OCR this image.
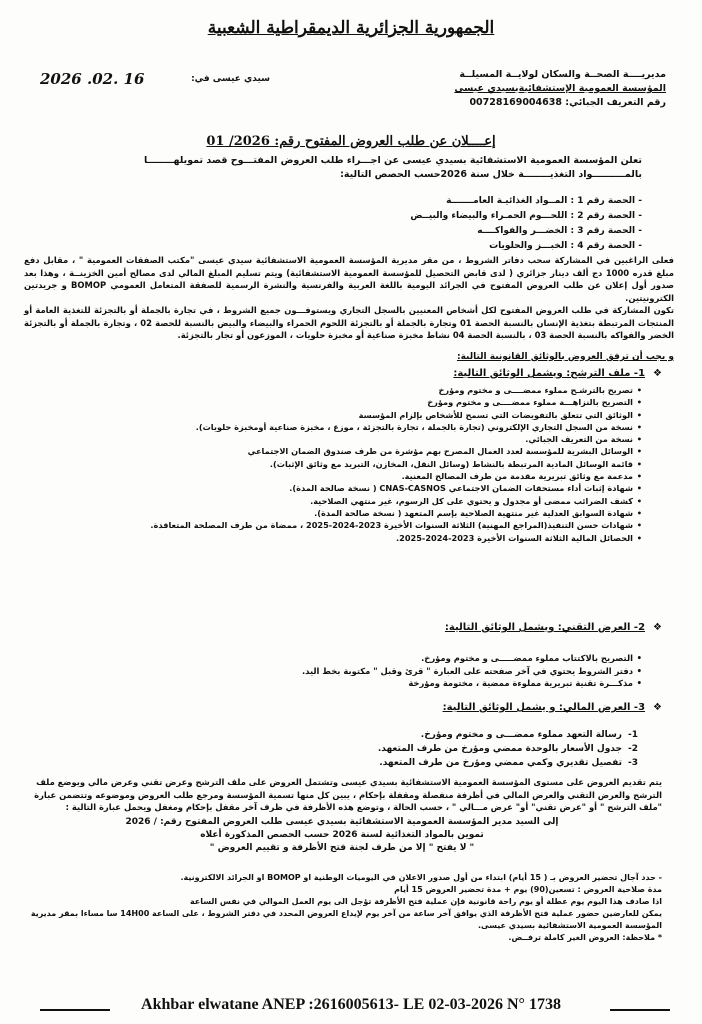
الجمهورية الجزائرية الديمقراطية الشعبية
مديريــــة الصحــة والسكان لولايــة المسيلــة
المؤسسة العمومية الإستشفائيةبسيدي عيسى
رقم التعريف الجبائي: 00728169004638
سيدي عيسى في:
2026 .02. 16
إعــــلان عن طلب العروض المفتوح رقم: 2026/ 01
تعلن المؤسسة العمومية الاستشفائية بسيدي عيسى عن اجـــراء طلب العروض المفتـــوح قصد تمويلهــــــــا
بالمــــــــــواد التغذيــــــــة خلال سنة 2026حسب الحصص التالية:
- الحصة رقم 1 : المــواد الغذائيـة العامـــــــة
- الحصة رقم 2 : اللحـــوم الحمـراء والبيضاء والبيــض
- الحصة رقم 3 : الخضـــر والفواكــــه
- الحصة رقم 4 : الخبـــز والحلويات
فعلى الراغبين في المشاركة سحب دفاتر الشروط ، من مقر مديرية المؤسسة العمومية الاستشفائية سيدي عيسى "مكتب الصفقات العمومية " ، مقابل دفع مبلغ قدره 1000 دج ألف دينار جزائري ( لدى قابض التحصيل للمؤسسة العمومية الاستشفائية) ويتم تسليم المبلغ المالي لدى مصالح أمين الخزينــة ، وهذا بعد صدور أول إعلان عن طلب العروض المفتوح في الجرائد اليومية باللغة العربية والفرنسية والنشرة الرسمية للصفقة المتعامل العمومي BOMOP و جريدتين الكترونيتين.
تكون المشاركة في طلب العروض المفتوح لكل أشخاص المعنيين بالسجل التجاري ويستوفـــون جميع الشروط ، في تجارة بالجملة أو بالتجزئة للتغذية العامة أو المنتجات المرتبطة بتغذية الإنسان بالنسبة الحصة 01 وتجارة بالجملة أو بالتجزئة اللحوم الحمراء والبيضاء والبيض بالنسبة للحصة 02 ، وتجارة بالجملة أو بالتجزئة الخضر والفواكه بالنسبة الحصة 03 ، بالنسبة الحصة 04 نشاط مخبزة صناعية أو مخبزة حلويات ، الموزعون أو تجار بالتجزئة.
و يجب أن ترفق العروض بالوثائق القانونية التالية:
❖1- ملف الترشح: ويشمل الوثائق التالية:
• تصريح بالترشـح مملوء ممضــــى و مختوم ومؤرخ
• التصريح بالنزاهـــة مملوء ممضــــى و مختوم ومؤرخ
• الوثائق التي تتعلق بالتفويضات التي تسمح للأشخاص بإلزام المؤسسة
• نسخة من السجل التجاري الإلكتروني (تجارة بالجملة ، تجارة بالتجزئة ، موزع ، مخبزة صناعية أومخبزة حلويات).
• نسخة من التعريف الجبائي.
• الوسائل البشرية للمؤسسة لعدد العمال المصرح بهم مؤشرة من طرف صندوق الضمان الاجتماعي
• قائمة الوسائل المادية المرتبطة بالنشاط (وسائل النقل، المخازن، التبريد مع وثائق الإثبات).
• مدعمة مع وثائق تبريرية مقدمة من طرف المصالح المعنية.
• شهادة إثبات أداء مستحقات الضمان الاجتماعي CNAS-CASNOS ( نسخة صالحة المدة).
• كشف الضرائب ممضى أو مجدول و يحتوي على كل الرسوم، غير منتهي الصلاحية.
• شهادة السوابق العدلية غير منتهية الصلاحية بإسم المتعهد ( نسخة صالحة المدة).
• شهادات حسن التنفيذ(المراجع المهنية) الثلاثة السنوات الأخيرة 2023-2024-2025 ، ممضاة من طرف المصلحة المتعاقدة.
• الحصائل المالية الثلاثة السنوات الأخيرة 2023-2024-2025.
❖2- العرض التقني: ويشمل الوثائق التالية:
• التصريح بالاكتتاب مملوء ممضـــــى و مختوم ومؤرخ.
• دفتر الشروط يحتوي في آخر صفحته على العبارة " قرئ وقبل " مكتوبة بخط اليد.
• مذكـــرة تقنية تبريرية مملوءة ممضية ، مختومة ومؤرخة
❖3- العرض المالي: و يشمل الوثائق التالية:
1-رسالة التعهد مملوء ممضـــى و مختوم ومؤرخ.
2-جدول الأسعار بالوحدة ممضي ومؤرخ من طرف المتعهد.
3-تفصيل تقديري وكمي ممضي ومؤرخ من طرف المتعهد.
يتم تقديم العروض على مستوى المؤسسة العمومية الاستشفائية بسيدي عيسى وتشتمل العروض على ملف الترشح وعرض تقني وعرض مالي ويوضع ملف الترشح والعرض التقني والعرض المالي في أظرفة منفصلة ومقفلة بإحكام ، يبين كل منها تسمية المؤسسة ومرجع طلب العروض وموضوعه وتتضمن عبارة "ملف الترشح " أو "عرض تقني" أو" عرض مـــالي " ، حسب الحالة ، وتوضع هذه الأظرفة في ظرف آخر مقفل بإحكام ومغفل ويحمل عبارة التالية :
إلى السيد مدير المؤسسة العمومية الاستشفائية بسيدي عيسى طلب العروض المفتوح رقم: / 2026
تموين بالمواد التغذائية لسنة 2026 حسب الحصص المذكورة أعلاه
" لا يفتح " إلا من طرف لجنة فتح الأظرفة و تقييم العروض "
- حدد آجال تحضير العروض بـ ( 15 أيام) ابتداء من أول صدور الاعلان في اليوميات الوطنية او BOMOP او الجرائد الالكترونية.
مدة صلاحية العروض : تسعين(90) يوم + مدة تحضير العروض 15 أيام
اذا صادف هذا اليوم يوم عطلة أو يوم راحة قانونية فإن عملية فتح الأظرفة تؤجل الى يوم العمل الموالي في نفس الساعة
يمكن للعارضين حضور عملية فتح الأظرفة الذي يوافق آخر ساعة من آخر يوم لإيداع العروض المحدد في دفتر الشروط ، على الساعة 14H00 سا مساءا بمقر مديرية المؤسسة العمومية الاستشفائية بسيدي عيسى.
* ملاحظة: العروض الغير كاملة ترفــض.
Akhbar elwatane ANEP :2616005613- LE 02-03-2026 N° 1738
